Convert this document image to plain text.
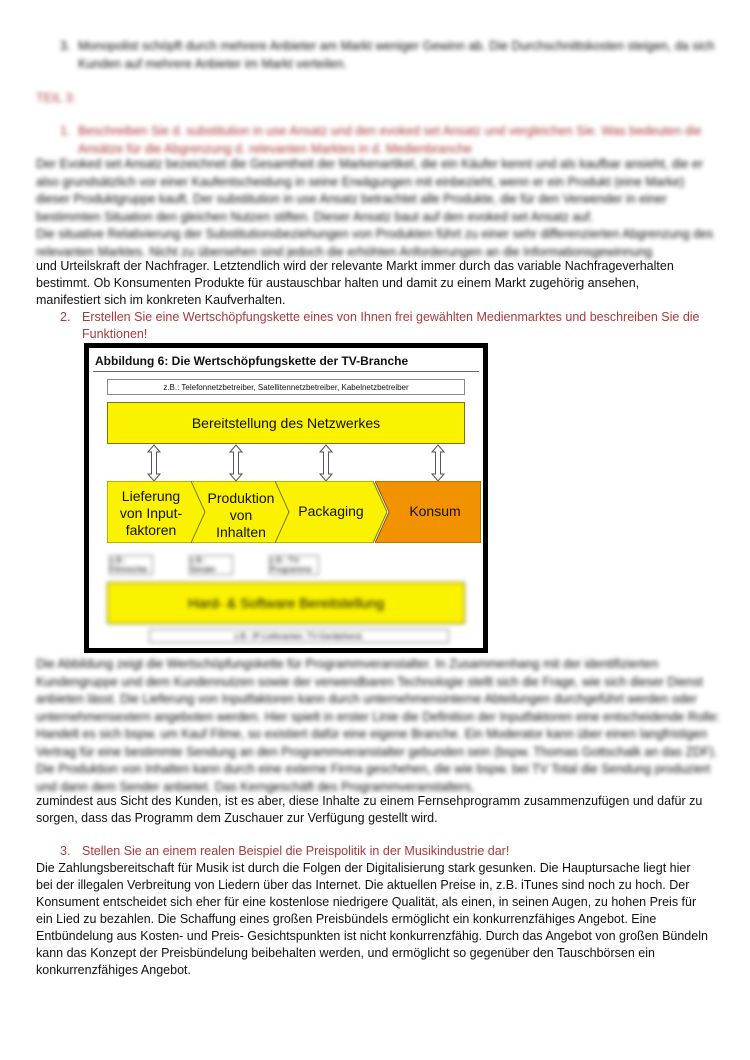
3. Monopolist schöpft durch mehrere Anbieter am Markt weniger Gewinn ab. Die Durchschnittskosten steigen, da sich Kunden auf mehrere Anbieter im Markt verteilen.

TEIL 3:

1. Beschreiben Sie d. substitution in use Ansatz und den evoked set Ansatz und vergleichen Sie. Was bedeuten die Ansätze für die Abgrenzung d. relevanten Marktes in d. Medienbranche

Der Evoked set Ansatz bezeichnet die Gesamtheit der Markenartikel, die ein Käufer kennt und als kaufbar ansieht, die er also grundsätzlich vor einer Kaufentscheidung in seine Erwägungen mit einbezieht, wenn er ein Produkt (eine Marke) dieser Produktgruppe kauft. Der substitution in use Ansatz betrachtet alle Produkte, die für den Verwender in einer bestimmten Situation den gleichen Nutzen stiften. Dieser Ansatz baut auf den evoked set Ansatz auf.

Die situative Relativierung der Substitutionsbeziehungen von Produkten führt zu einer sehr differenzierten Abgrenzung des relevanten Marktes. Nicht zu übersehen sind jedoch die erhöhten Anforderungen an die Informationsgewinnung

und Urteilskraft der Nachfrager. Letztendlich wird der relevante Markt immer durch das variable Nachfrageverhalten

bestimmt. Ob Konsumenten Produkte für austauschbar halten und damit zu einem Markt zugehörig ansehen,

manifestiert sich im konkreten Kaufverhalten.

2. Erstellen Sie eine Wertschöpfungskette eines von Ihnen frei gewählten Medienmarktes und beschreiben Sie die

Funktionen!

Abbildung 6: Die Wertschöpfungskette der TV-Branche
z.B.: Telefonnetzbetreiber, Satellitennetzbetreiber, Kabelnetzbetreiber
Bereitstellung des Netzwerkes
Lieferung von Input-faktoren
Produktion von Inhalten
Packaging	Konsum
z.B.: Filmrechte
z.B.: Sender
z.B.: TV-Programme
Hard- & Software Bereitstellung
z.B.: IP-Lieferanten, TV-Geräteherst.

Die Abbildung zeigt die Wertschöpfungskette für Programmveranstalter. In Zusammenhang mit der identifizierten Kundengruppe und dem Kundennutzen sowie der verwendbaren Technologie stellt sich die Frage, wie sich dieser Dienst anbieten lässt. Die Lieferung von Inputfaktoren kann durch unternehmensinterne Abteilungen durchgeführt werden oder unternehmensextern angeboten werden. Hier spielt in erster Linie die Definition der Inputfaktoren eine entscheidende Rolle: Handelt es sich bspw. um Kauf Filme, so existiert dafür eine eigene Branche. Ein Moderator kann über einen langfristigen Vertrag für eine bestimmte Sendung an den Programmveranstalter gebunden sein (bspw. Thomas Gottschalk an das ZDF). Die Produktion von Inhalten kann durch eine externe Firma geschehen, die wie bspw. bei TV Total die Sendung produziert und dann dem Sender anbietet. Das Kerngeschäft des Programmveranstalters,

zumindest aus Sicht des Kunden, ist es aber, diese Inhalte zu einem Fernsehprogramm zusammenzufügen und dafür zu

sorgen, dass das Programm dem Zuschauer zur Verfügung gestellt wird.

3. Stellen Sie an einem realen Beispiel die Preispolitik in der Musikindustrie dar!

Die Zahlungsbereitschaft für Musik ist durch die Folgen der Digitalisierung stark gesunken. Die Hauptursache liegt hier

bei der illegalen Verbreitung von Liedern über das Internet. Die aktuellen Preise in, z.B. iTunes sind noch zu hoch. Der

Konsument entscheidet sich eher für eine kostenlose niedrigere Qualität, als einen, in seinen Augen, zu hohen Preis für

ein Lied zu bezahlen. Die Schaffung eines großen Preisbündels ermöglicht ein konkurrenzfähiges Angebot. Eine

Entbündelung aus Kosten- und Preis- Gesichtspunkten ist nicht konkurrenzfähig. Durch das Angebot von großen Bündeln

kann das Konzept der Preisbündelung beibehalten werden, und ermöglicht so gegenüber den Tauschbörsen ein

konkurrenzfähiges Angebot.
